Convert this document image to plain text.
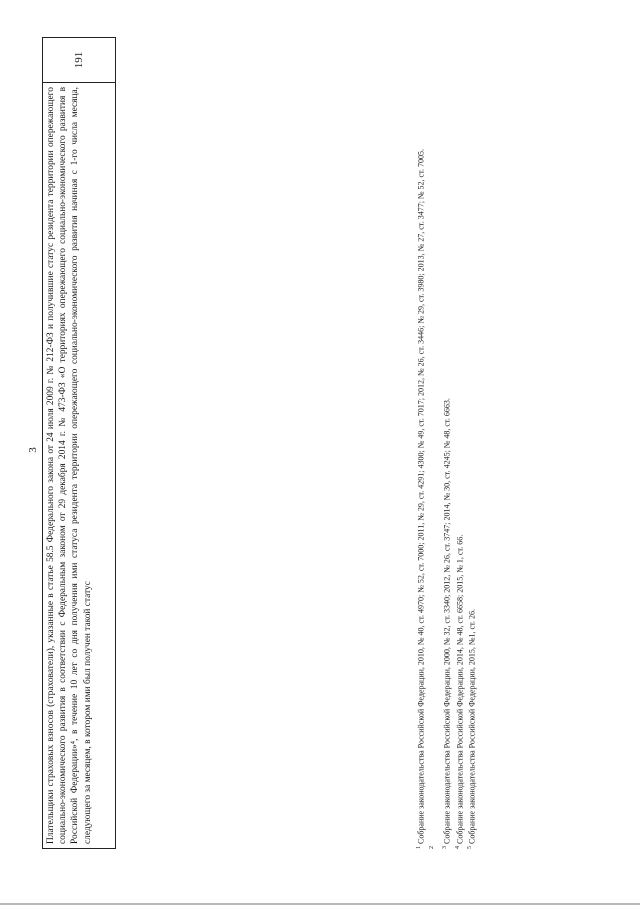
3 Плательщики страховых взносов (страхователи), указанные в статье 58.5 Федерального закона от 24 июля 2009 г. № 212-ФЗ и получившие статус резидента территории опережающего социально-экономического развития в соответствии с Федеральным законом от 29 декабря 2014 г. № 473-ФЗ «О территориях опережающего социально-экономического развития в Российской Федерации»⁴, в течение 10 лет со дня получения ими статуса резидента территории опережающего социально-экономического развития начиная с 1-го числа месяца, следующего за месяцем, в котором ими был получен такой статус
191

$^1$ Собрание законодательства Российской Федерации, 2010, № 40, ст. 4970; № 52, ст. 7000; 2011, № 29, ст. 4291; 4300; № 49, ст. 7017; 2012, № 26, ст. 3446; № 29, ст. 3980; 2013, № 27, ст. 3477; № 52, ст. 7005.

$^2$	$^3$ Собрание законодательства Российской Федерации, 2000, № 32, ст. 3340; 2012, № 26, ст. 3747; 2014, № 30, ст. 4245; № 48, ст. 6663.

$^4$ Собрание законодательства Российской Федерации, 2014, № 48, ст. 6658; 2015, № 1, ст. 66.

$^5$ Собрание законодательства Российской Федерации, 2015, №1, ст. 26.
